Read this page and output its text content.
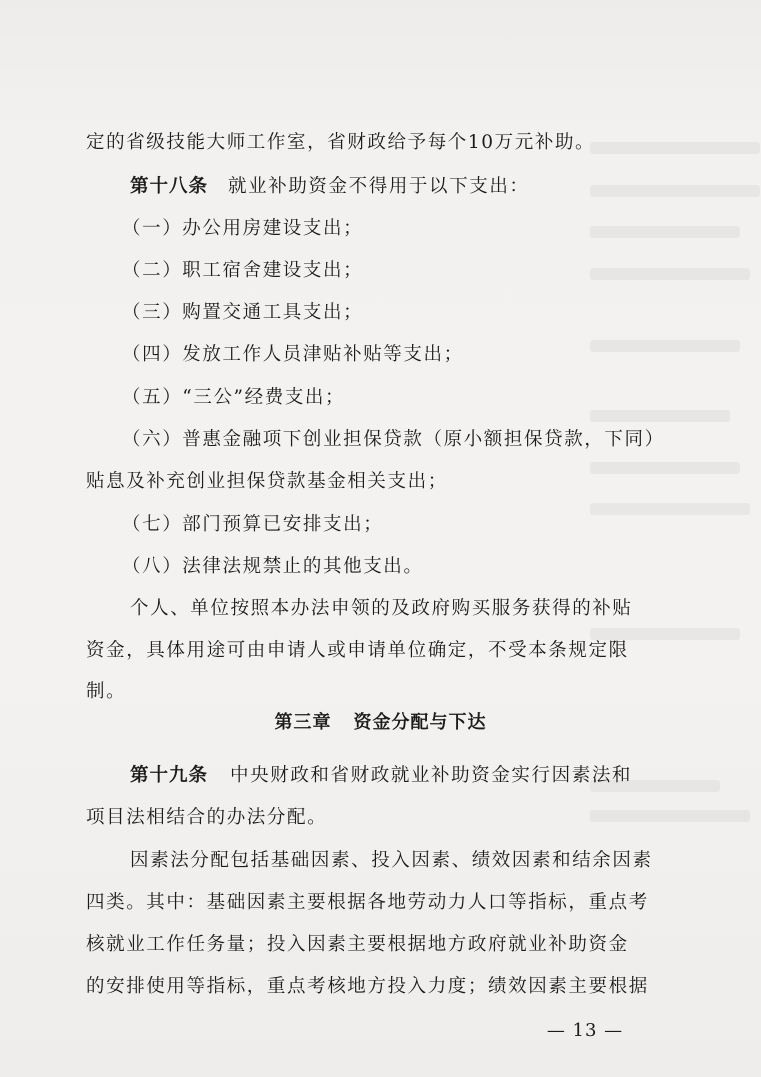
定的省级技能大师工作室，省财政给予每个10万元补助。
第十八条 就业补助资金不得用于以下支出：
（一）办公用房建设支出；
（二）职工宿舍建设支出；
（三）购置交通工具支出；
（四）发放工作人员津贴补贴等支出；
（五）“三公”经费支出；
（六）普惠金融项下创业担保贷款（原小额担保贷款，下同）
贴息及补充创业担保贷款基金相关支出；
（七）部门预算已安排支出；
（八）法律法规禁止的其他支出。
个人、单位按照本办法申领的及政府购买服务获得的补贴
资金，具体用途可由申请人或申请单位确定，不受本条规定限
制。
第三章 资金分配与下达
第十九条 中央财政和省财政就业补助资金实行因素法和
项目法相结合的办法分配。
因素法分配包括基础因素、投入因素、绩效因素和结余因素
四类。其中：基础因素主要根据各地劳动力人口等指标，重点考
核就业工作任务量；投入因素主要根据地方政府就业补助资金
的安排使用等指标，重点考核地方投入力度；绩效因素主要根据
— 13 —
